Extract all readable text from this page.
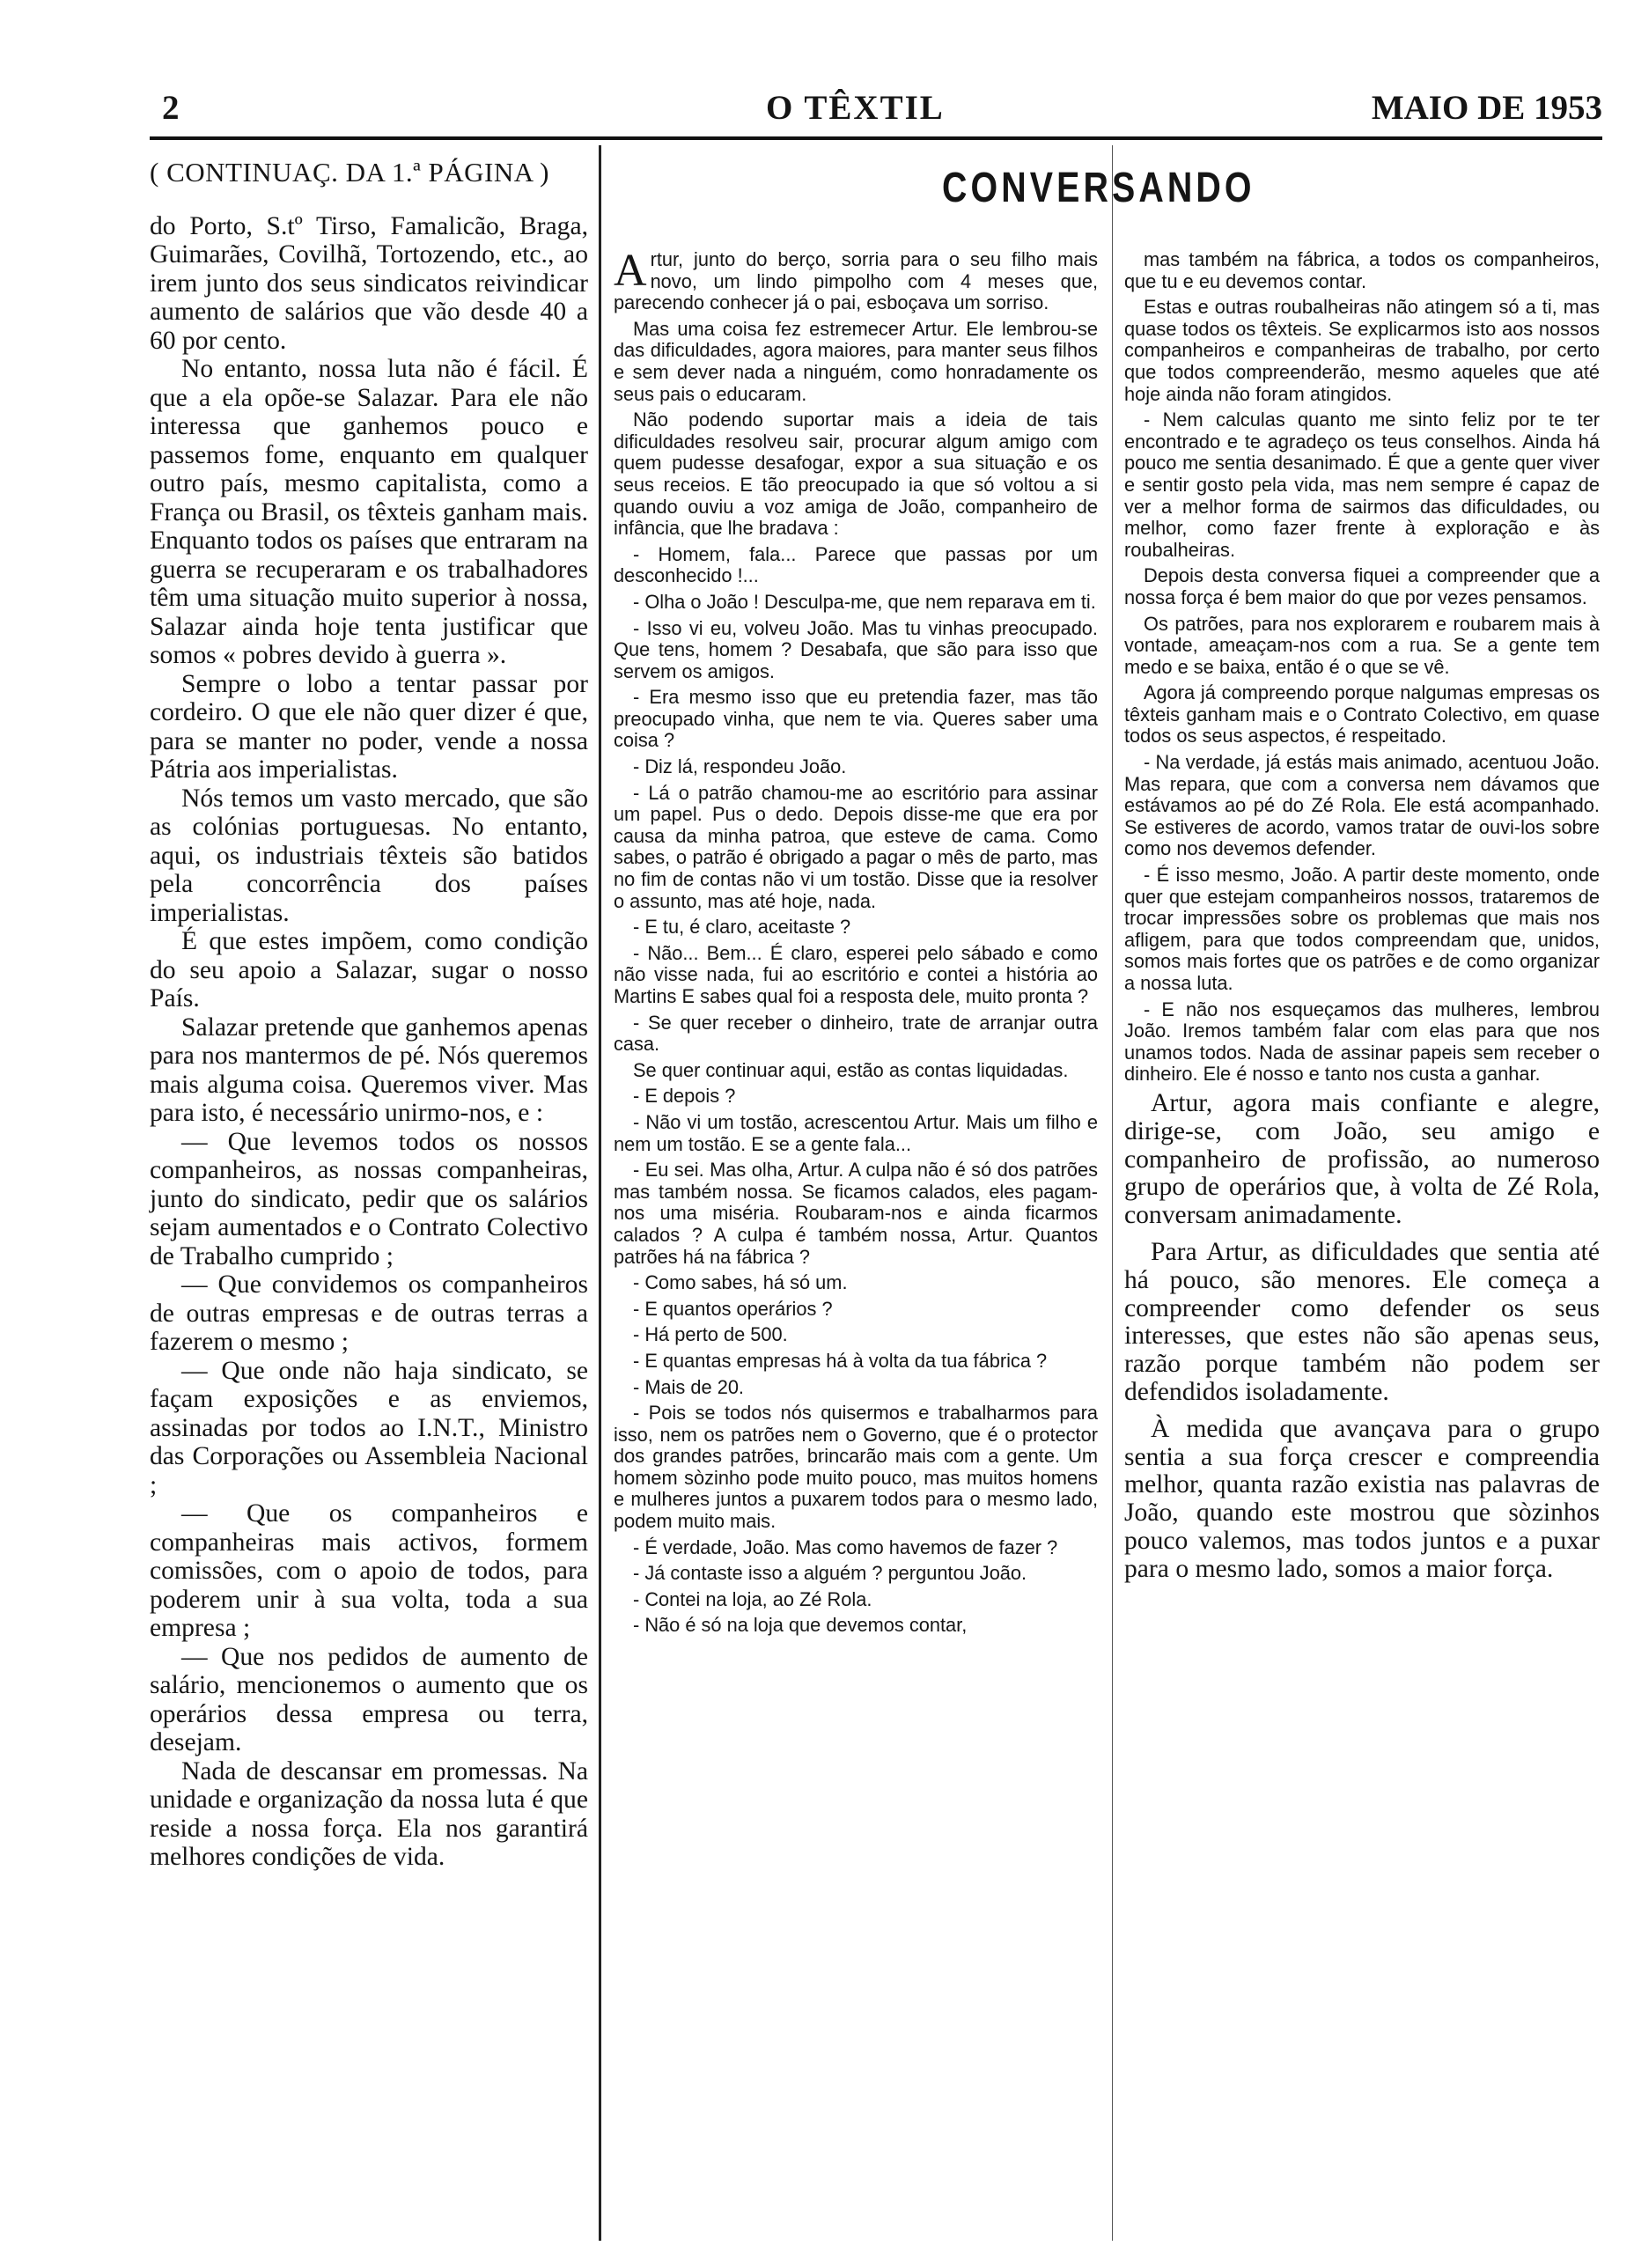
2	O TÊXTIL	MAIO DE 1953

( CONTINUAÇ. DA 1.ª PÁGINA )

do Porto, S.tº Tirso, Famalicão, Braga, Guimarães, Covilhã, Tortozendo, etc., ao irem junto dos seus sindicatos reivindicar aumento de salários que vão desde 40 a 60 por cento.

No entanto, nossa luta não é fácil. É que a ela opõe-se Salazar. Para ele não interessa que ganhemos pouco e passemos fome, enquanto em qualquer outro país, mesmo capitalista, como a França ou Brasil, os têxteis ganham mais. Enquanto todos os países que entraram na guerra se recuperaram e os trabalhadores têm uma situação muito superior à nossa, Salazar ainda hoje tenta justificar que somos « pobres devido à guerra ».

Sempre o lobo a tentar passar por cordeiro. O que ele não quer dizer é que, para se manter no poder, vende a nossa Pátria aos imperialistas.

Nós temos um vasto mercado, que são as colónias portuguesas. No entanto, aqui, os industriais têxteis são batidos pela concorrência dos países imperialistas.

É que estes impõem, como condição do seu apoio a Salazar, sugar o nosso País.

Salazar pretende que ganhemos apenas para nos mantermos de pé. Nós queremos mais alguma coisa. Queremos viver. Mas para isto, é necessário unirmo-nos, e :

— Que levemos todos os nossos companheiros, as nossas companheiras, junto do sindicato, pedir que os salários sejam aumentados e o Contrato Colectivo de Trabalho cumprido ;

— Que convidemos os companheiros de outras empresas e de outras terras a fazerem o mesmo ;

— Que onde não haja sindicato, se façam exposições e as enviemos, assinadas por todos ao I.N.T., Ministro das Corporações ou Assembleia Nacional ;

— Que os companheiros e companheiras mais activos, formem comissões, com o apoio de todos, para poderem unir à sua volta, toda a sua empresa ;

— Que nos pedidos de aumento de salário, mencionemos o aumento que os operários dessa empresa ou terra, desejam.

Nada de descansar em promessas. Na unidade e organização da nossa luta é que reside a nossa força. Ela nos garantirá melhores condições de vida.

CONVERSANDO

Artur, junto do berço, sorria para o seu filho mais novo, um lindo pimpolho com 4 meses que, parecendo conhecer já o pai, esboçava um sorriso.

Mas uma coisa fez estremecer Artur. Ele lembrou-se das dificuldades, agora maiores, para manter seus filhos e sem dever nada a ninguém, como honradamente os seus pais o educaram.

Não podendo suportar mais a ideia de tais dificuldades resolveu sair, procurar algum amigo com quem pudesse desafogar, expor a sua situação e os seus receios. E tão preocupado ia que só voltou a si quando ouviu a voz amiga de João, companheiro de infância, que lhe bradava :

- Homem, fala... Parece que passas por um desconhecido !...

- Olha o João ! Desculpa-me, que nem reparava em ti.

- Isso vi eu, volveu João. Mas tu vinhas preocupado. Que tens, homem ? Desabafa, que são para isso que servem os amigos.

- Era mesmo isso que eu pretendia fazer, mas tão preocupado vinha, que nem te via. Queres saber uma coisa ?

- Diz lá, respondeu João.

- Lá o patrão chamou-me ao escritório para assinar um papel. Pus o dedo. Depois disse-me que era por causa da minha patroa, que esteve de cama. Como sabes, o patrão é obrigado a pagar o mês de parto, mas no fim de contas não vi um tostão. Disse que ia resolver o assunto, mas até hoje, nada.

- E tu, é claro, aceitaste ?

- Não... Bem... É claro, esperei pelo sábado e como não visse nada, fui ao escritório e contei a história ao Martins E sabes qual foi a resposta dele, muito pronta ?

- Se quer receber o dinheiro, trate de arranjar outra casa.

Se quer continuar aqui, estão as contas liquidadas.

- E depois ?

- Não vi um tostão, acrescentou Artur. Mais um filho e nem um tostão. E se a gente fala...

- Eu sei. Mas olha, Artur. A culpa não é só dos patrões mas também nossa. Se ficamos calados, eles pagam-nos uma miséria. Roubaram-nos e ainda ficarmos calados ? A culpa é também nossa, Artur. Quantos patrões há na fábrica ?

- Como sabes, há só um.

- E quantos operários ?

- Há perto de 500.

- E quantas empresas há à volta da tua fábrica ?

- Mais de 20.

- Pois se todos nós quisermos e trabalharmos para isso, nem os patrões nem o Governo, que é o protector dos grandes patrões, brincarão mais com a gente. Um homem sòzinho pode muito pouco, mas muitos homens e mulheres juntos a puxarem todos para o mesmo lado, podem muito mais.

- É verdade, João. Mas como havemos de fazer ?

- Já contaste isso a alguém ? perguntou João.

- Contei na loja, ao Zé Rola.

- Não é só na loja que devemos contar,

mas também na fábrica, a todos os companheiros, que tu e eu devemos contar.

Estas e outras roubalheiras não atingem só a ti, mas quase todos os têxteis. Se explicarmos isto aos nossos companheiros e companheiras de trabalho, por certo que todos compreenderão, mesmo aqueles que até hoje ainda não foram atingidos.

- Nem calculas quanto me sinto feliz por te ter encontrado e te agradeço os teus conselhos. Ainda há pouco me sentia desanimado. É que a gente quer viver e sentir gosto pela vida, mas nem sempre é capaz de ver a melhor forma de sairmos das dificuldades, ou melhor, como fazer frente à exploração e às roubalheiras.

Depois desta conversa fiquei a compreender que a nossa força é bem maior do que por vezes pensamos.

Os patrões, para nos explorarem e roubarem mais à vontade, ameaçam-nos com a rua. Se a gente tem medo e se baixa, então é o que se vê.

Agora já compreendo porque nalgumas empresas os têxteis ganham mais e o Contrato Colectivo, em quase todos os seus aspectos, é respeitado.

- Na verdade, já estás mais animado, acentuou João. Mas repara, que com a conversa nem dávamos que estávamos ao pé do Zé Rola. Ele está acompanhado. Se estiveres de acordo, vamos tratar de ouvi-los sobre como nos devemos defender.

- É isso mesmo, João. A partir deste momento, onde quer que estejam companheiros nossos, trataremos de trocar impressões sobre os problemas que mais nos afligem, para que todos compreendam que, unidos, somos mais fortes que os patrões e de como organizar a nossa luta.

- E não nos esqueçamos das mulheres, lembrou João. Iremos também falar com elas para que nos unamos todos. Nada de assinar papeis sem receber o dinheiro. Ele é nosso e tanto nos custa a ganhar.

Artur, agora mais confiante e alegre, dirige-se, com João, seu amigo e companheiro de profissão, ao numeroso grupo de operários que, à volta de Zé Rola, conversam animadamente.

Para Artur, as dificuldades que sentia até há pouco, são menores. Ele começa a compreender como defender os seus interesses, que estes não são apenas seus, razão porque também não podem ser defendidos isoladamente.

À medida que avançava para o grupo sentia a sua força crescer e compreendia melhor, quanta razão existia nas palavras de João, quando este mostrou que sòzinhos pouco valemos, mas todos juntos e a puxar para o mesmo lado, somos a maior força.
